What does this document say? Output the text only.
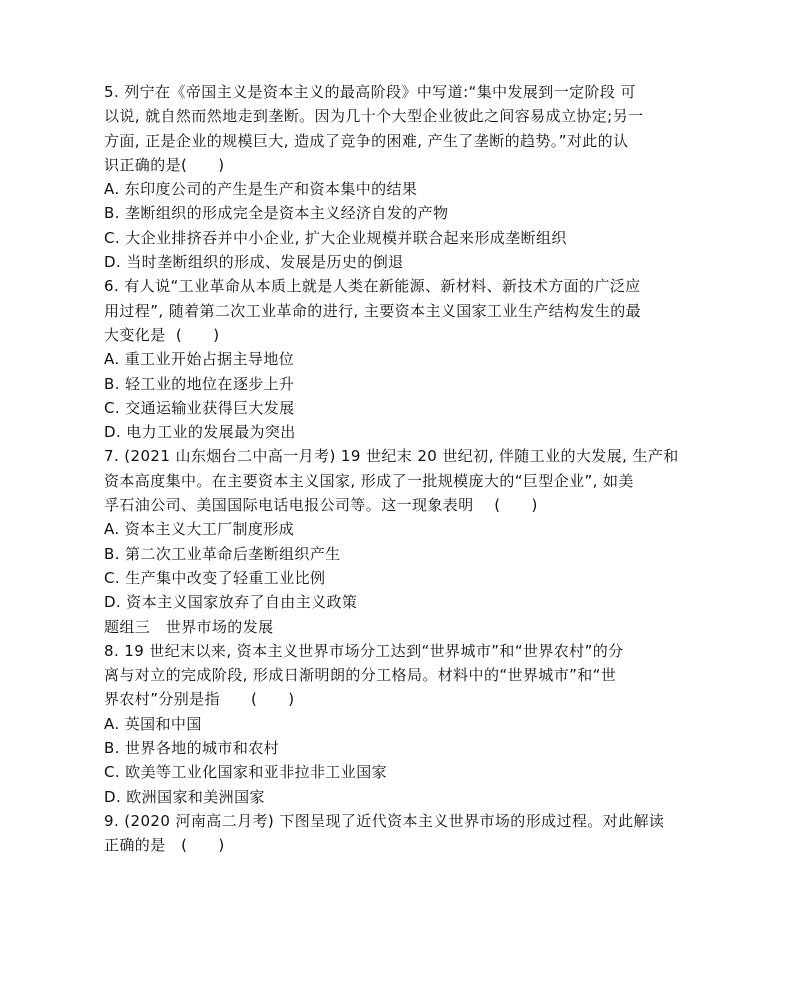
5. 列宁在《帝国主义是资本主义的最高阶段》中写道:“集中发展到一定阶段 可
以说, 就自然而然地走到垄断。因为几十个大型企业彼此之间容易成立协定;另一
方面, 正是企业的规模巨大, 造成了竞争的困难, 产生了垄断的趋势。”对此的认
识正确的是(      )
A. 东印度公司的产生是生产和资本集中的结果
B. 垄断组织的形成完全是资本主义经济自发的产物
C. 大企业排挤吞并中小企业, 扩大企业规模并联合起来形成垄断组织
D. 当时垄断组织的形成、发展是历史的倒退
6. 有人说“工业革命从本质上就是人类在新能源、新材料、新技术方面的广泛应
用过程”, 随着第二次工业革命的进行, 主要资本主义国家工业生产结构发生的最
大变化是  (      )
A. 重工业开始占据主导地位
B. 轻工业的地位在逐步上升
C. 交通运输业获得巨大发展
D. 电力工业的发展最为突出
7. (2021 山东烟台二中高一月考) 19 世纪末 20 世纪初, 伴随工业的大发展, 生产和
资本高度集中。在主要资本主义国家, 形成了一批规模庞大的“巨型企业”, 如美
孚石油公司、美国国际电话电报公司等。这一现象表明    (      )
A. 资本主义大工厂制度形成
B. 第二次工业革命后垄断组织产生
C. 生产集中改变了轻重工业比例
D. 资本主义国家放弃了自由主义政策
题组三   世界市场的发展
8. 19 世纪末以来, 资本主义世界市场分工达到“世界城市”和“世界农村”的分
离与对立的完成阶段, 形成日渐明朗的分工格局。材料中的“世界城市”和“世
界农村”分别是指      (      )
A. 英国和中国
B. 世界各地的城市和农村
C. 欧美等工业化国家和亚非拉非工业国家
D. 欧洲国家和美洲国家
9. (2020 河南高二月考) 下图呈现了近代资本主义世界市场的形成过程。对此解读
正确的是   (      )
